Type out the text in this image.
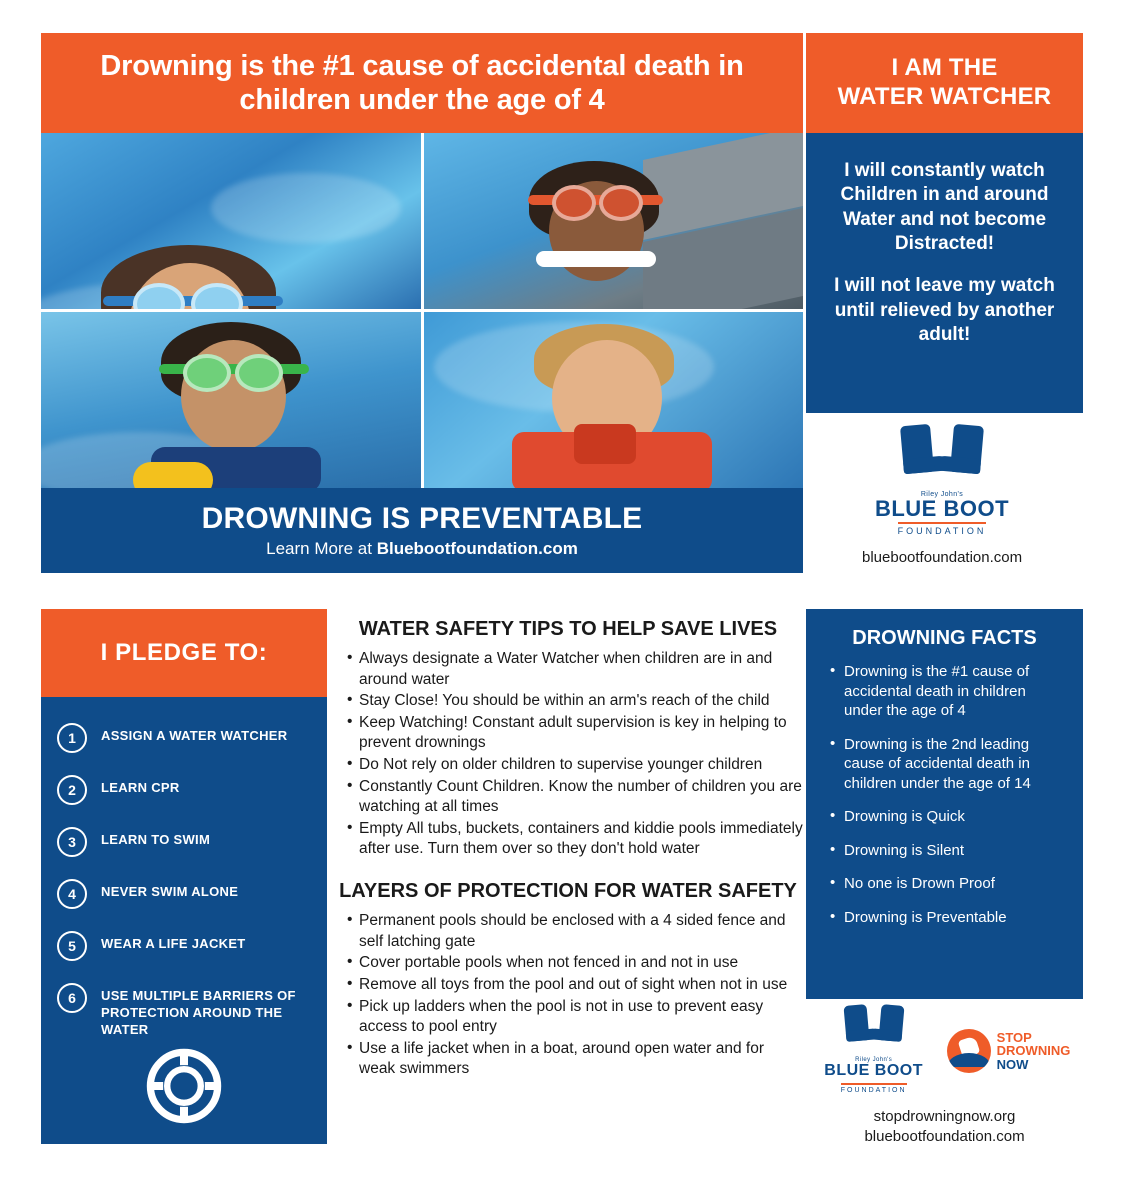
Drowning is the #1 cause of accidental death in children under the age of 4
I AM THE
WATER WATCHER
DROWNING IS PREVENTABLE
Learn More at Bluebootfoundation.com

I will constantly watch Children in and around Water and not become Distracted!

I will not leave my watch until relieved by another adult!

Riley John's
BLUE BOOT
FOUNDATION
bluebootfoundation.com
I PLEDGE TO:
1	ASSIGN A WATER WATCHER
2	LEARN CPR
3	LEARN TO SWIM
4	NEVER SWIM ALONE
5	WEAR A LIFE JACKET
6	USE MULTIPLE BARRIERS OF PROTECTION AROUND THE WATER
WATER SAFETY TIPS TO HELP SAVE LIVES
• Always designate a Water Watcher when children are in and around water
• Stay Close! You should be within an arm's reach of the child
• Keep Watching! Constant adult supervision is key in helping to prevent drownings
• Do Not rely on older children to supervise younger children
• Constantly Count Children. Know the number of children you are watching at all times
• Empty All tubs, buckets, containers and kiddie pools immediately after use. Turn them over so they don't hold water
LAYERS OF PROTECTION FOR WATER SAFETY
• Permanent pools should be enclosed with a 4 sided fence and self latching gate
• Cover portable pools when not fenced in and not in use
• Remove all toys from the pool and out of sight when not in use
• Pick up ladders when the pool is not in use to prevent easy access to pool entry
• Use a life jacket when in a boat, around open water and for weak swimmers
DROWNING FACTS
• Drowning is the #1 cause of accidental death in children under the age of 4
• Drowning is the 2nd leading cause of accidental death in children under the age of 14
• Drowning is Quick
• Drowning is Silent
• No one is Drown Proof
• Drowning is Preventable
Riley John's
BLUE BOOT
FOUNDATION
STOP
DROWNING
NOW
stopdrowningnow.org
bluebootfoundation.com
